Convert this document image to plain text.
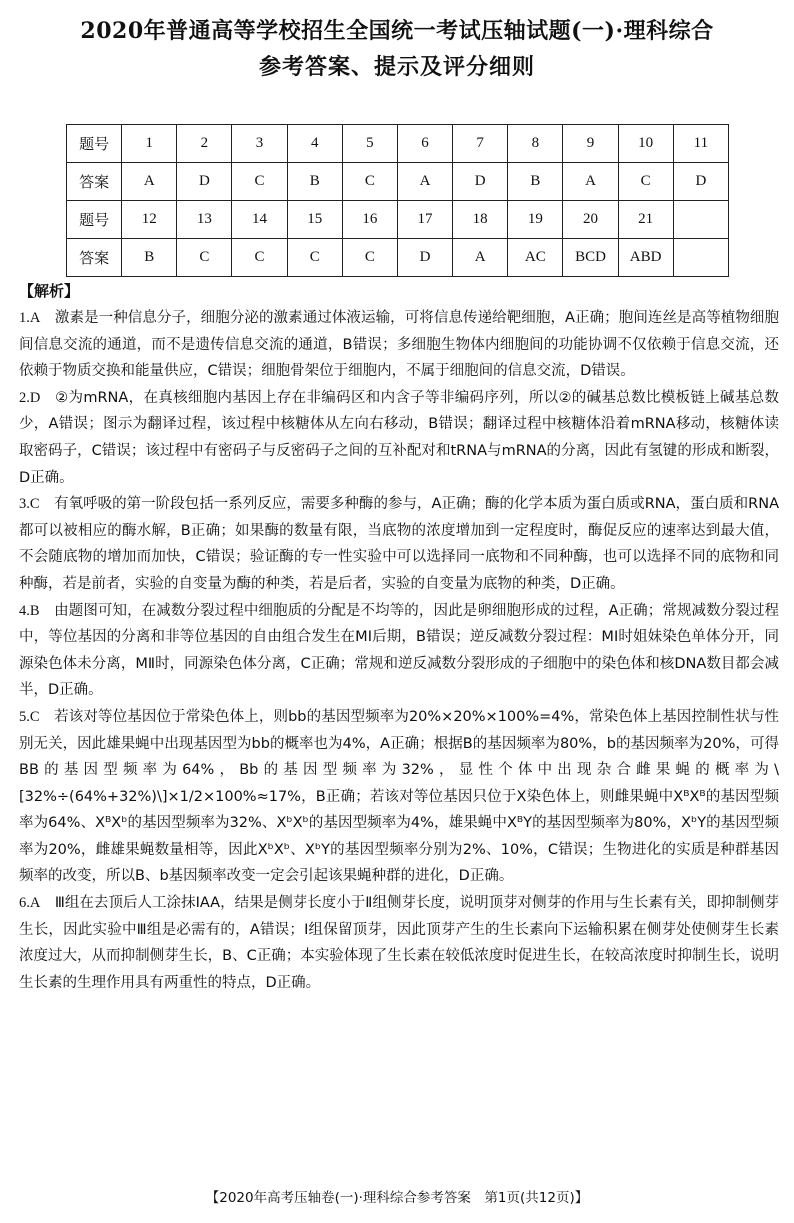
2020年普通高等学校招生全国统一考试压轴试题(一)·理科综合
参考答案、提示及评分细则
题号	1	2	3	4	5	6	7	8	9	10	11
答案	A	D	C	B	C	A	D	B	A	C	D
题号	12	13	14	15	16	17	18	19	20	21	
答案	B	C	C	C	C	D	A	AC	BCD	ABD	
【解析】

1.A  激素是一种信息分子，细胞分泌的激素通过体液运输，可将信息传递给靶细胞，A正确；胞间连丝是高等植物细胞间信息交流的通道，而不是遗传信息交流的通道，B错误；多细胞生物体内细胞间的功能协调不仅依赖于信息交流，还依赖于物质交换和能量供应，C错误；细胞骨架位于细胞内，不属于细胞间的信息交流，D错误。

2.D  ②为mRNA，在真核细胞内基因上存在非编码区和内含子等非编码序列，所以②的碱基总数比模板链上碱基总数少，A错误；图示为翻译过程，该过程中核糖体从左向右移动，B错误；翻译过程中核糖体沿着mRNA移动，核糖体读取密码子，C错误；该过程中有密码子与反密码子之间的互补配对和tRNA与mRNA的分离，因此有氢键的形成和断裂，D正确。

3.C  有氧呼吸的第一阶段包括一系列反应，需要多种酶的参与，A正确；酶的化学本质为蛋白质或RNA，蛋白质和RNA都可以被相应的酶水解，B正确；如果酶的数量有限，当底物的浓度增加到一定程度时，酶促反应的速率达到最大值，不会随底物的增加而加快，C错误；验证酶的专一性实验中可以选择同一底物和不同种酶，也可以选择不同的底物和同种酶，若是前者，实验的自变量为酶的种类，若是后者，实验的自变量为底物的种类，D正确。

4.B  由题图可知，在减数分裂过程中细胞质的分配是不均等的，因此是卵细胞形成的过程，A正确；常规减数分裂过程中，等位基因的分离和非等位基因的自由组合发生在MⅠ后期，B错误；逆反减数分裂过程：MⅠ时姐妹染色单体分开，同源染色体未分离，MⅡ时，同源染色体分离，C正确；常规和逆反减数分裂形成的子细胞中的染色体和核DNA数目都会减半，D正确。

5.C  若该对等位基因位于常染色体上，则bb的基因型频率为20%×20%×100%=4%，常染色体上基因控制性状与性别无关，因此雄果蝇中出现基因型为bb的概率也为4%，A正确；根据B的基因频率为80%，b的基因频率为20%，可得BB的基因型频率为64%，Bb的基因型频率为32%，显性个体中出现杂合雌果蝇的概率为\[32%÷(64%+32%)\]×1/2×100%≈17%，B正确；若该对等位基因只位于X染色体上，则雌果蝇中XᴮXᴮ的基因型频率为64%、XᴮXᵇ的基因型频率为32%、XᵇXᵇ的基因型频率为4%，雄果蝇中XᴮY的基因型频率为80%，XᵇY的基因型频率为20%，雌雄果蝇数量相等，因此XᵇXᵇ、XᵇY的基因型频率分别为2%、10%，C错误；生物进化的实质是种群基因频率的改变，所以B、b基因频率改变一定会引起该果蝇种群的进化，D正确。

6.A  Ⅲ组在去顶后人工涂抹IAA，结果是侧芽长度小于Ⅱ组侧芽长度，说明顶芽对侧芽的作用与生长素有关，即抑制侧芽生长，因此实验中Ⅲ组是必需有的，A错误；Ⅰ组保留顶芽，因此顶芽产生的生长素向下运输积累在侧芽处使侧芽生长素浓度过大，从而抑制侧芽生长，B、C正确；本实验体现了生长素在较低浓度时促进生长，在较高浓度时抑制生长，说明生长素的生理作用具有两重性的特点，D正确。

【2020年高考压轴卷(一)·理科综合参考答案　第1页(共12页)】
